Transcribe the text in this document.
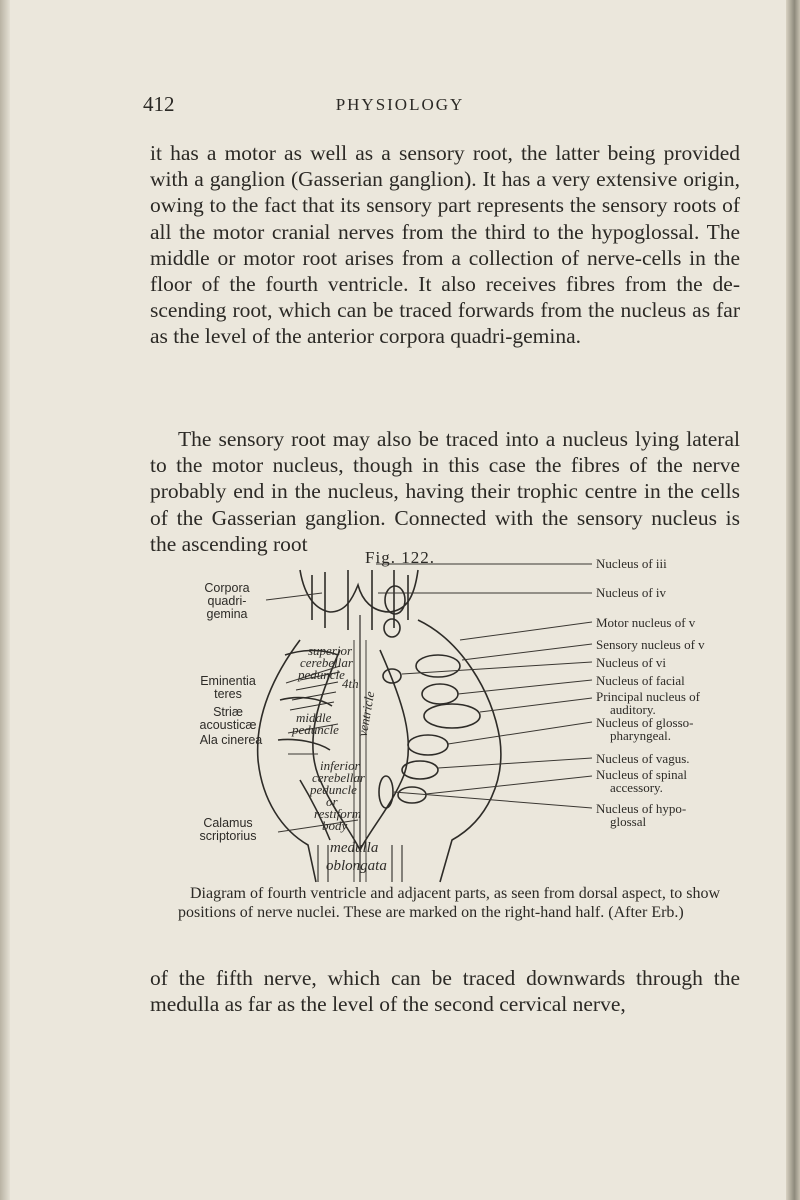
412	PHYSIOLOGY

it has a motor as well as a sensory root, the latter being provided with a ganglion (Gasserian ganglion). It has a very extensive origin, owing to the fact that its sensory part represents the sensory roots of all the motor cranial nerves from the third to the hypoglossal. The middle or motor root arises from a collection of nerve-cells in the floor of the fourth ventricle. It also receives fibres from the de-scending root, which can be traced forwards from the nucleus as far as the level of the anterior corpora quadri-gemina.

The sensory root may also be traced into a nucleus lying lateral to the motor nucleus, though in this case the fibres of the nerve probably end in the nucleus, having their trophic centre in the cells of the Gasserian ganglion. Connected with the sensory nucleus is the ascending root

Fig. 122.
superior
cerebellar
peduncle
4th
ventricle
middle
peduncle
inferior
cerebellar
peduncle
or
restiform
body
medulla
oblongata
Corpora
quadri-
gemina
Eminentia
teres
Striæ
acousticæ
Ala cinerea
Calamus
scriptorius
Nucleus of iii
Nucleus of iv
Motor nucleus of v
Sensory nucleus of v
Nucleus of vi
Nucleus of facial
Principal nucleus of
auditory.
Nucleus of glosso-
pharyngeal.
Nucleus of vagus.
Nucleus of spinal
accessory.
Nucleus of hypo-
glossal

Diagram of fourth ventricle and adjacent parts, as seen from dorsal aspect, to show positions of nerve nuclei. These are marked on the right-hand half. (After Erb.)

of the fifth nerve, which can be traced downwards through the medulla as far as the level of the second cervical nerve,
